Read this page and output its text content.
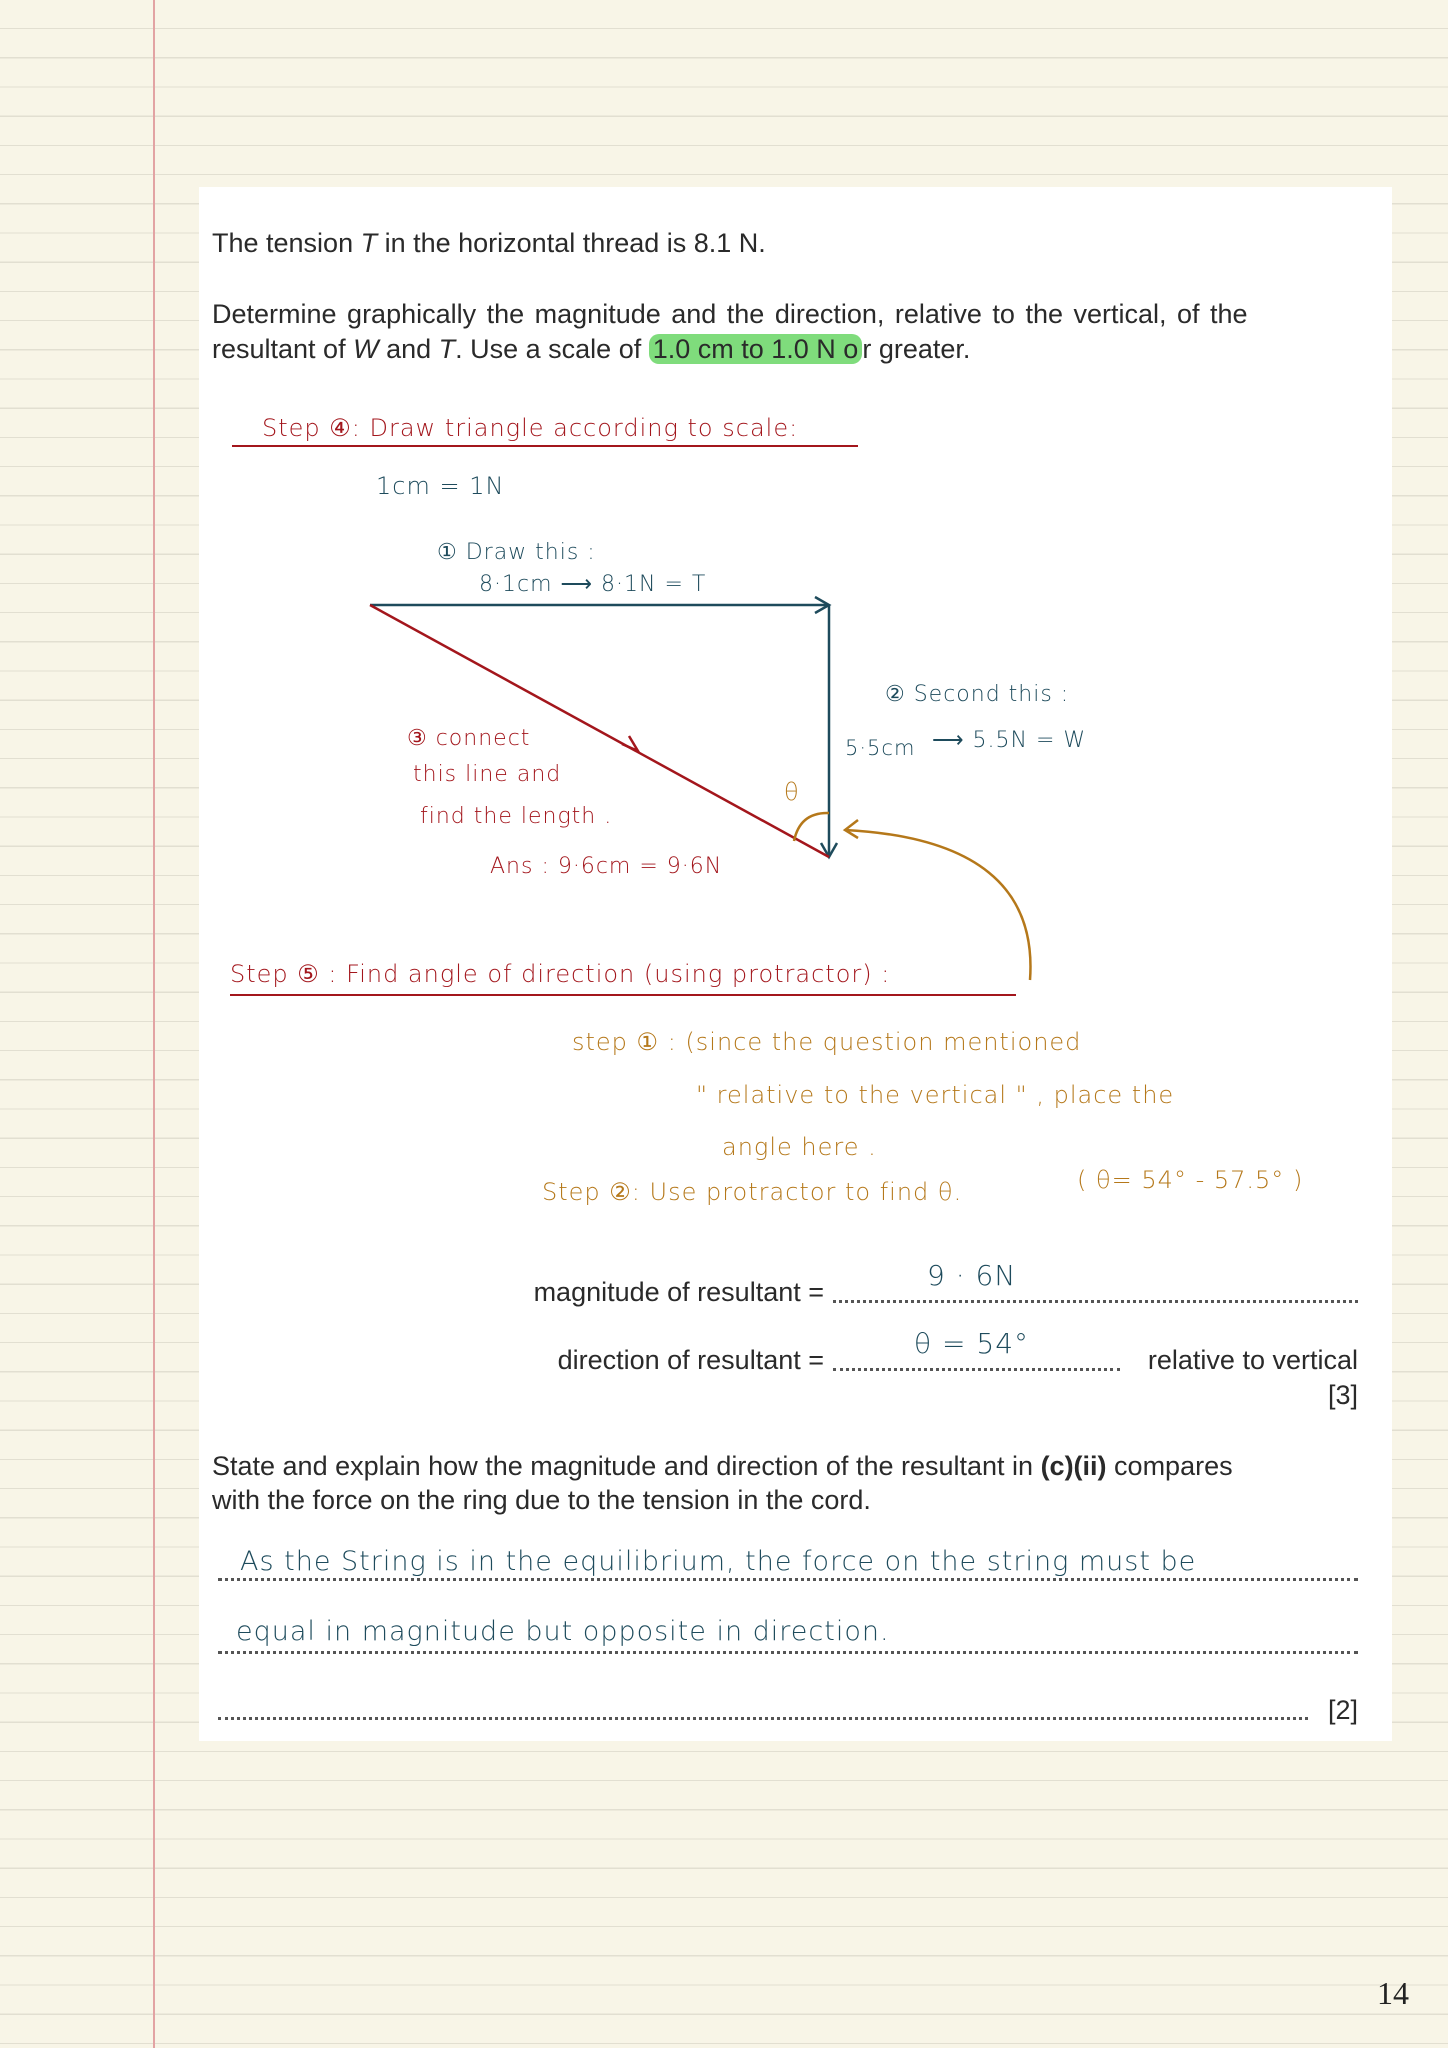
The tension T in the horizontal thread is 8.1 N.
Determine graphically the magnitude and the direction, relative to the vertical, of the
resultant of W and T. Use a scale of 1.0 cm to 1.0 N o r greater.
Step ④: Draw triangle according to scale:
1cm = 1N
① Draw this :
8·1cm ⟶ 8·1N = T
② Second this :
5·5cm ⟶ 5.5N = W
③ connect
this line and
find the length .
Ans : 9·6cm = 9·6N
θ
Step ⑤ : Find angle of direction (using protractor) :
step ① : (since the question mentioned
" relative to the vertical " , place the
angle here .
Step ②: Use protractor to find θ.	( θ= 54° - 57.5° )
magnitude of resultant =	9 · 6N
direction of resultant =	θ = 54°	relative to vertical
[3]
State and explain how the magnitude and direction of the resultant in (c)(ii) compares
with the force on the ring due to the tension in the cord.
As the String is in the equilibrium, the force on the string must be
equal in magnitude but opposite in direction.
[2]
14
